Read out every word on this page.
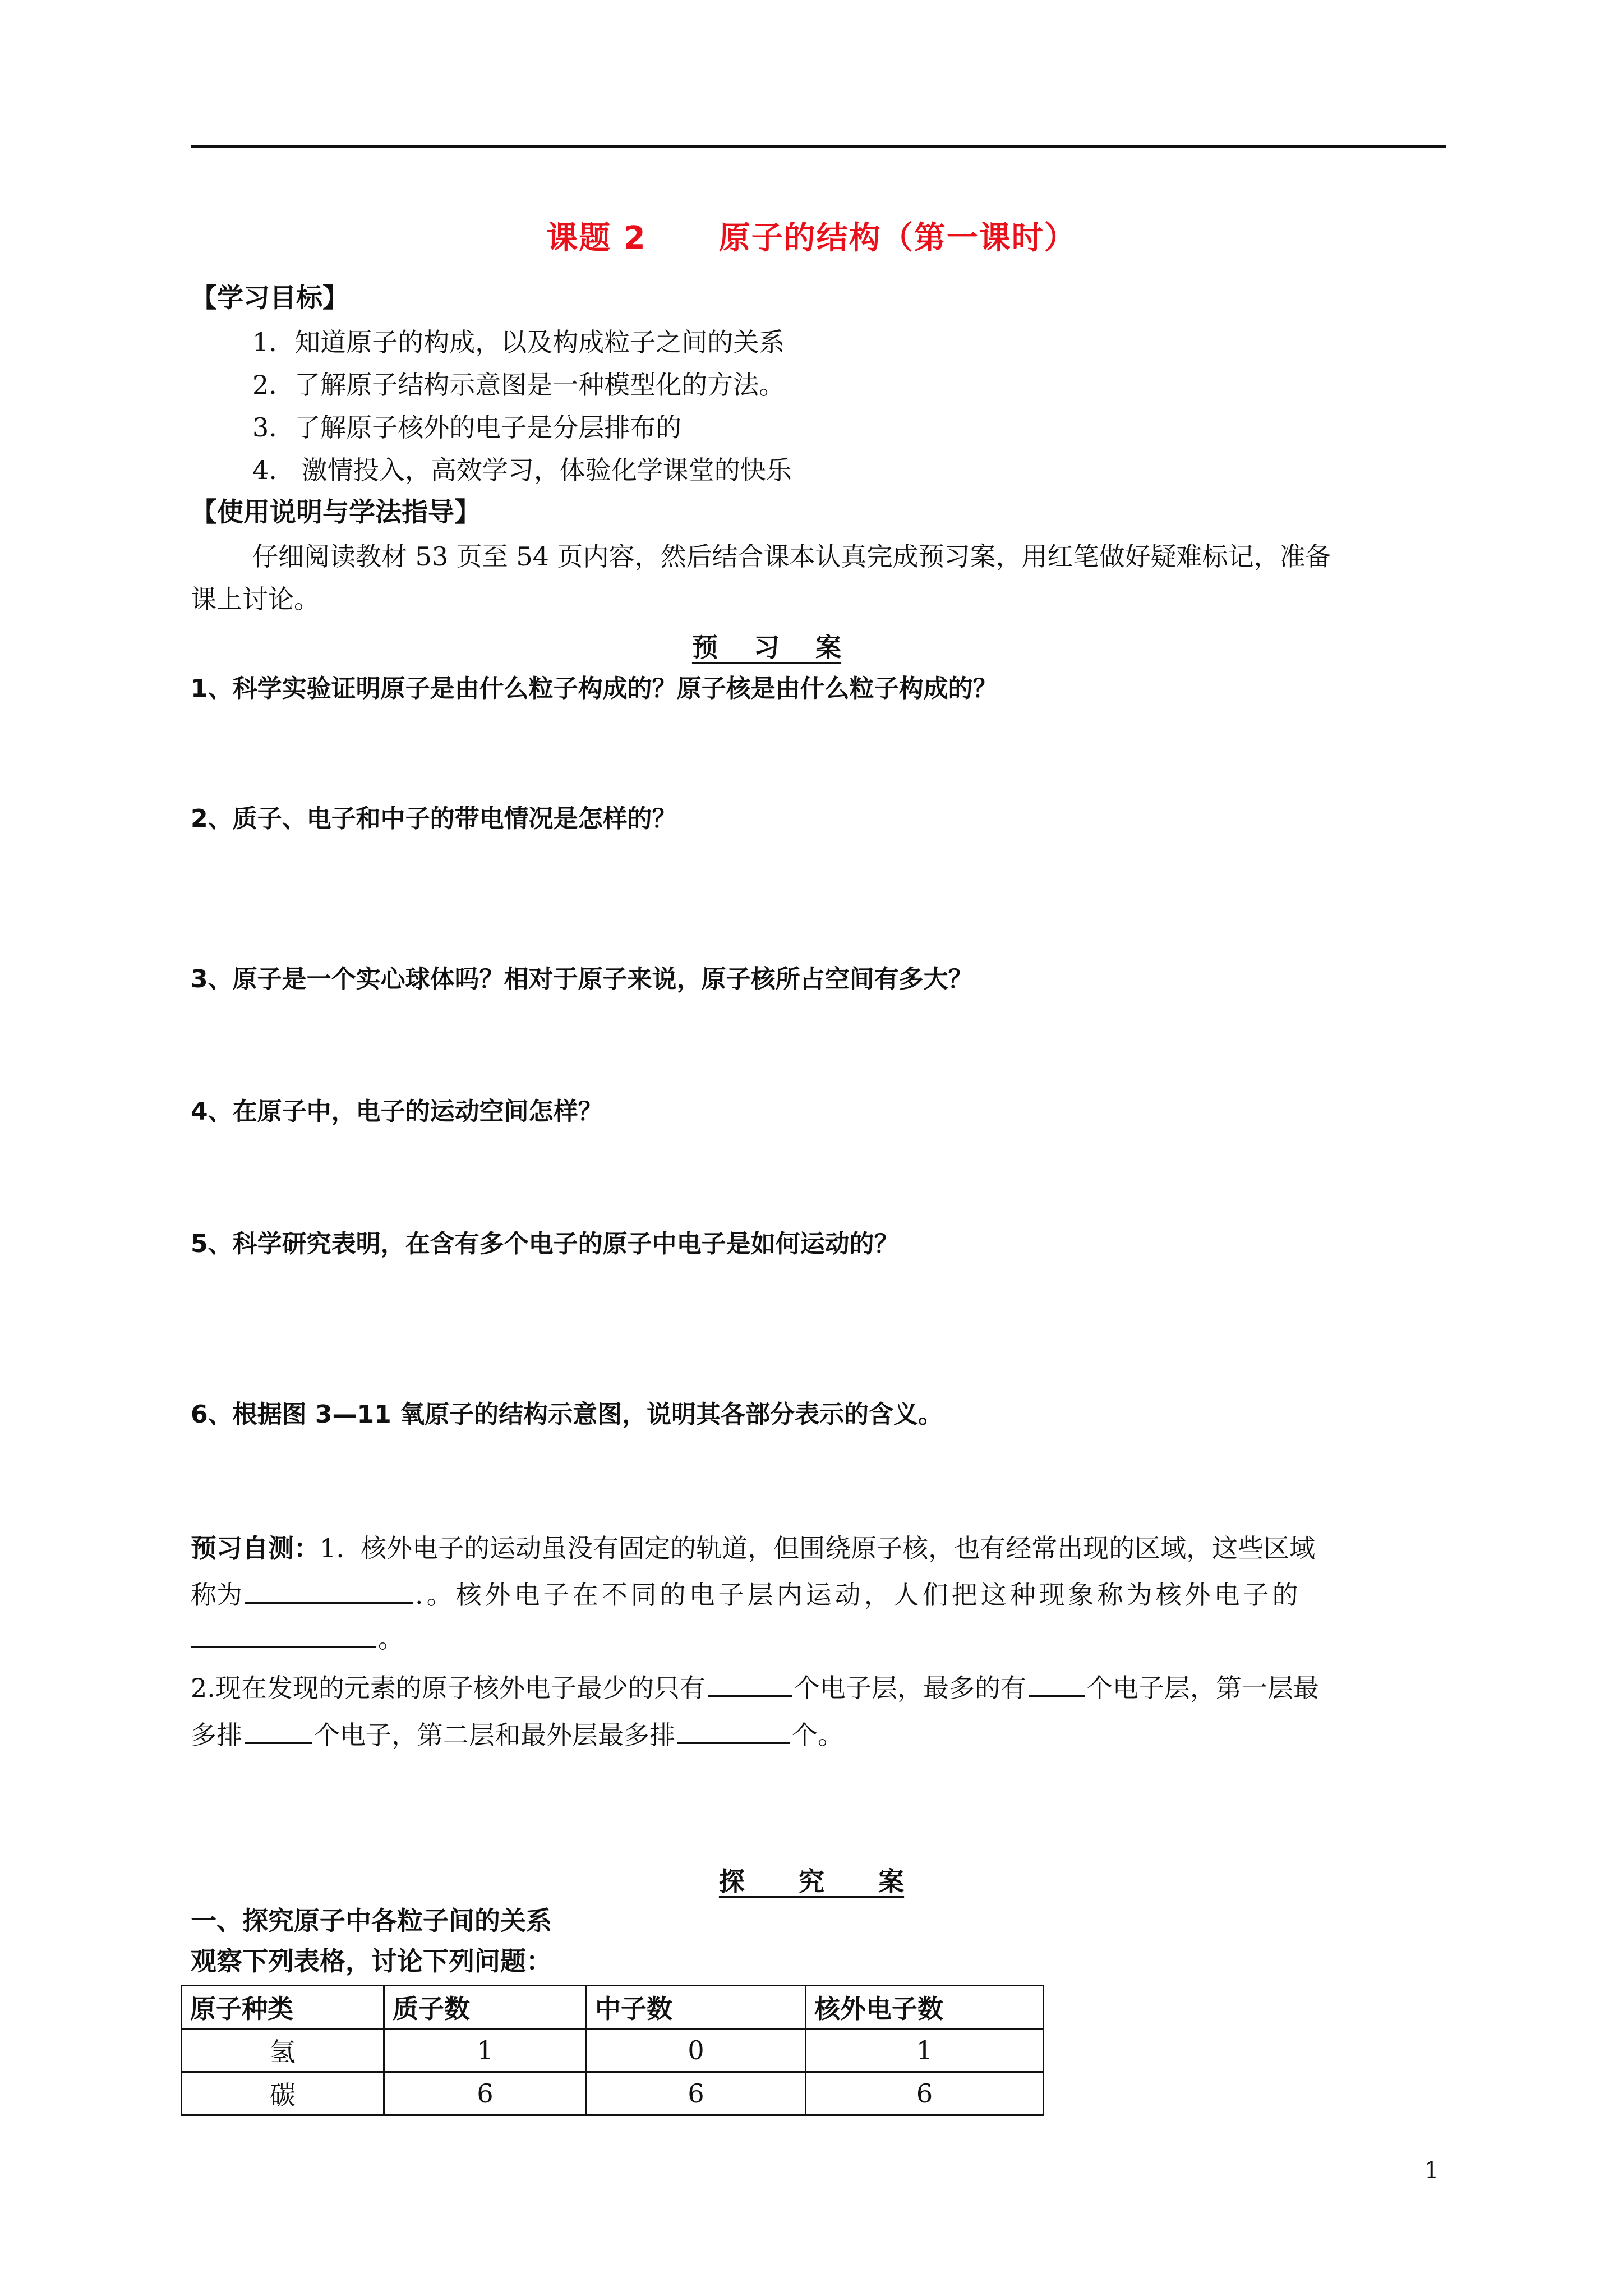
课题 2      原子的结构（第一课时）
【学习目标】
1．知道原子的构成，以及构成粒子之间的关系
2．了解原子结构示意图是一种模型化的方法。
3．了解原子核外的电子是分层排布的
4.   激情投入，高效学习，体验化学课堂的快乐
【使用说明与学法指导】
仔细阅读教材 53 页至 54 页内容，然后结合课本认真完成预习案，用红笔做好疑难标记，准备
课上讨论。
预    习    案
1、科学实验证明原子是由什么粒子构成的？原子核是由什么粒子构成的？
2、质子、电子和中子的带电情况是怎样的？
3、原子是一个实心球体吗？相对于原子来说，原子核所占空间有多大？
4、在原子中，电子的运动空间怎样？
5、科学研究表明，在含有多个电子的原子中电子是如何运动的？
6、根据图 3—11 氧原子的结构示意图，说明其各部分表示的含义。
预习自测：1.  核外电子的运动虽没有固定的轨道，但围绕原子核，也有经常出现的区域，这些区域
称为	.。核外电子在不同的电子层内运动，人们把这种现象称为核外电子的
。
2.现在发现的元素的原子核外电子最少的只有	个电子层，最多的有 个电子层，第一层最
多排	个电子，第二层和最外层最多排	个。
探      究      案
一、探究原子中各粒子间的关系
观察下列表格，讨论下列问题：
原子种类	质子数	中子数	核外电子数
氢	1	0	1
碳	6	6	6
1
